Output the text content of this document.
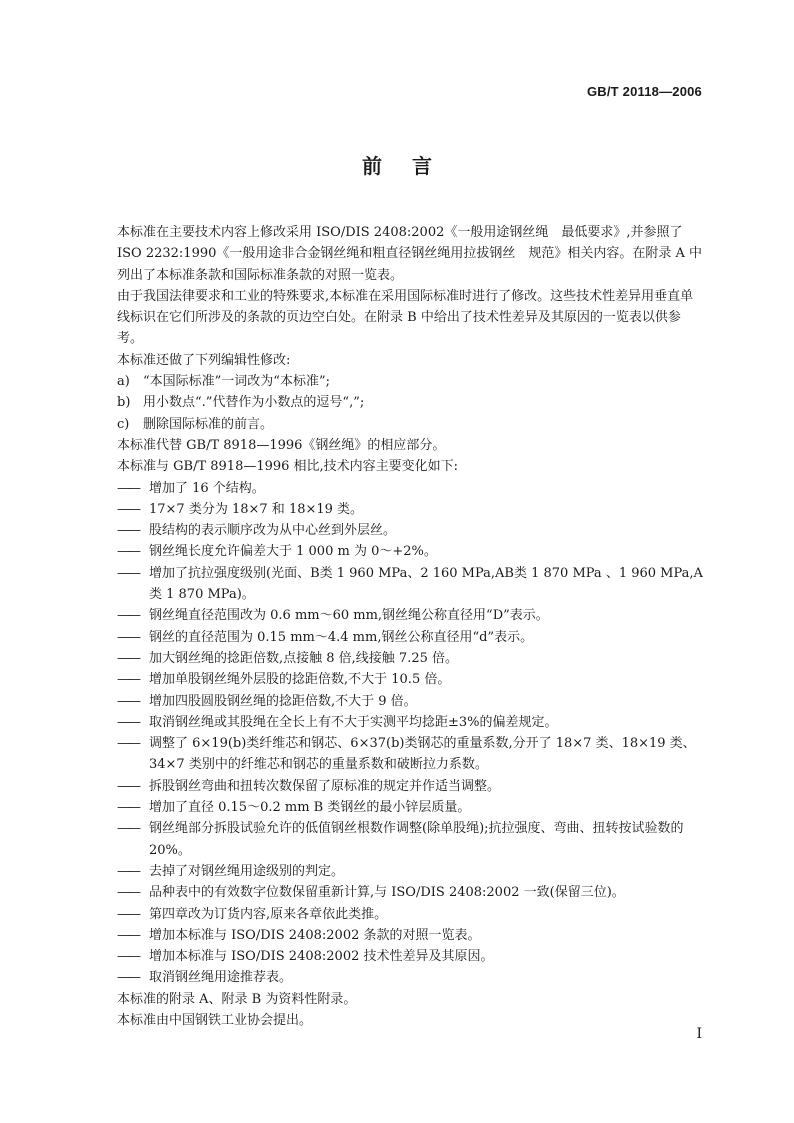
GB/T 20118—2006
前言

本标准在主要技术内容上修改采用 ISO/DIS 2408:2002《一般用途钢丝绳　最低要求》,并参照了ISO 2232:1990《一般用途非合金钢丝绳和粗直径钢丝绳用拉拔钢丝　规范》相关内容。在附录 A 中列出了本标准条款和国际标准条款的对照一览表。

由于我国法律要求和工业的特殊要求,本标准在采用国际标准时进行了修改。这些技术性差异用垂直单线标识在它们所涉及的条款的页边空白处。在附录 B 中给出了技术性差异及其原因的一览表以供参考。

本标准还做了下列编辑性修改:

a) “本国际标准”一词改为“本标准”;

b) 用小数点“.”代替作为小数点的逗号“,”;

c) 删除国际标准的前言。

本标准代替 GB/T 8918—1996《钢丝绳》的相应部分。

本标准与 GB/T 8918—1996 相比,技术内容主要变化如下:

—— 增加了 16 个结构。

—— 17×7 类分为 18×7 和 18×19 类。

—— 股结构的表示顺序改为从中心丝到外层丝。

—— 钢丝绳长度允许偏差大于 1 000 m 为 0～+2%。

—— 增加了抗拉强度级别(光面、B类 1 960 MPa、2 160 MPa,AB类 1 870 MPa 、1 960 MPa,A类 1 870 MPa)。

—— 钢丝绳直径范围改为 0.6 mm～60 mm,钢丝绳公称直径用“D”表示。

—— 钢丝的直径范围为 0.15 mm～4.4 mm,钢丝公称直径用“d”表示。

—— 加大钢丝绳的捻距倍数,点接触 8 倍,线接触 7.25 倍。

—— 增加单股钢丝绳外层股的捻距倍数,不大于 10.5 倍。

—— 增加四股圆股钢丝绳的捻距倍数,不大于 9 倍。

—— 取消钢丝绳或其股绳在全长上有不大于实测平均捻距±3%的偏差规定。

—— 调整了 6×19(b)类纤维芯和钢芯、6×37(b)类钢芯的重量系数,分开了 18×7 类、18×19 类、34×7 类别中的纤维芯和钢芯的重量系数和破断拉力系数。

—— 拆股钢丝弯曲和扭转次数保留了原标准的规定并作适当调整。

—— 增加了直径 0.15～0.2 mm B 类钢丝的最小锌层质量。

—— 钢丝绳部分拆股试验允许的低值钢丝根数作调整(除单股绳);抗拉强度、弯曲、扭转按试验数的 20%。

—— 去掉了对钢丝绳用途级别的判定。

—— 品种表中的有效数字位数保留重新计算,与 ISO/DIS 2408:2002 一致(保留三位)。

—— 第四章改为订货内容,原来各章依此类推。

—— 增加本标准与 ISO/DIS 2408:2002 条款的对照一览表。

—— 增加本标准与 ISO/DIS 2408:2002 技术性差异及其原因。

—— 取消钢丝绳用途推荐表。

本标准的附录 A、附录 B 为资料性附录。

本标准由中国钢铁工业协会提出。

I
